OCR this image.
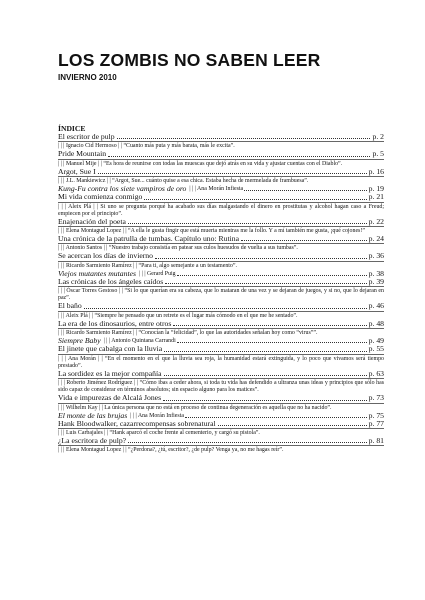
LOS ZOMBIS NO SABEN LEER
INVIERNO 2010
ÍNDICE
El escritor de pulp	p. 2

| | | Ignacio Cid Hermoso | | “Cuanto más puta y más barata, más le excita”.

Pride Mountain	p. 5

| | | Manuel Mije | | “Es hora de reunirse con todas las muescas que dejó atrás en su vida y ajustar cuentas con el Diablo”.

Argot, Sue I	p. 16

| | | J.L. Mankiewicz | | “Argot, Sue... cuánto quise a esa chica. Estaba hecha de mermelada de frambuesa”.

Kung-Fu contra los siete vampiros de oro | | | Ana Morán Infiesta	p. 19
Mi vida comienza conmigo	p. 21

| | | Aleix Plá | | Si uno se pregunta porqué ha acabado sus días malgastando el dinero en prostitutas y alcohol hagan caso a Freud; empiecen por el principio”.

Enajenación del poeta	p. 22

| | | Elena Montagud Lopez | | “A ella le gusta fingir que está muerta mientras me la follo. Y a mí también me gusta, ¡qué cojones!”

Una crónica de la patrulla de tumbas. Capítulo uno: Rutina	p. 24

| | | Antonio Santos | | “Nuestro trabajo consistía en patear sus culos huesudos de vuelta a sus tumbas”.

Se acercan los días de invierno	p. 36

| | | Ricardo Sarmiento Ramírez | | “Para ti, algo semejante a un testamento”.

Viejos mutantes mutantes | | | Gerard Puig	p. 38
Las crónicas de los ángeles caídos	p. 39

| | | Óscar Torres Gestoso | | “Si lo que querían era su cabeza, que lo mataran de una vez y se dejaran de juegos, y si no, que lo dejaran en paz”.

El baño	p. 46

| | | Aleix Plá | | “Siempre he pensado que un retrete es el lugar más cómodo en el que me he sentado”.

La era de los dinosaurios, entre otros	p. 48

| | | Ricardo Sarmiento Ramírez | | “Conocían la “felicidad”, lo que las autoridades señalan hoy como “virus””.

Siempre Baby | | | Antonio Quintana Carrandi	p. 49
El jinete que cabalga con la lluvia	p. 55

| | | Ana Morán | | “En el momento en el que la lluvia sea roja, la humanidad estará extinguida, y lo poco que vivamos será tiempo prestado”.

La sordidez es la mejor compañía	p. 63

| | | Roberto Jiménez Rodríguez | | “Cómo ibas a ceder ahora, si toda tu vida has defendido a ultranza unas ideas y principios que sólo has sido capaz de considerar en términos absolutos; sin espacio alguno para los matices”.

Vida e impurezas de Alcalá Jones	p. 73

| | | Wilhelm Kay | | La única persona que no está en proceso de continua degeneración es aquella que no ha nacido”.

El monte de las brujas | | | Ana Morán Infiesta	p. 75
Hank Bloodwalker, cazarrecompensas sobrenatural	p. 77

| | | Luis Carbajales | | “Hank aparcó el coche frente al cementerio, y cargó su pistola”.

¿La escritora de pulp?	p. 81

| | | Elena Montagud Lopez | | “¿Perdona?, ¿tú, escritor?, ¿de pulp? Venga ya, no me hagas reír”.
